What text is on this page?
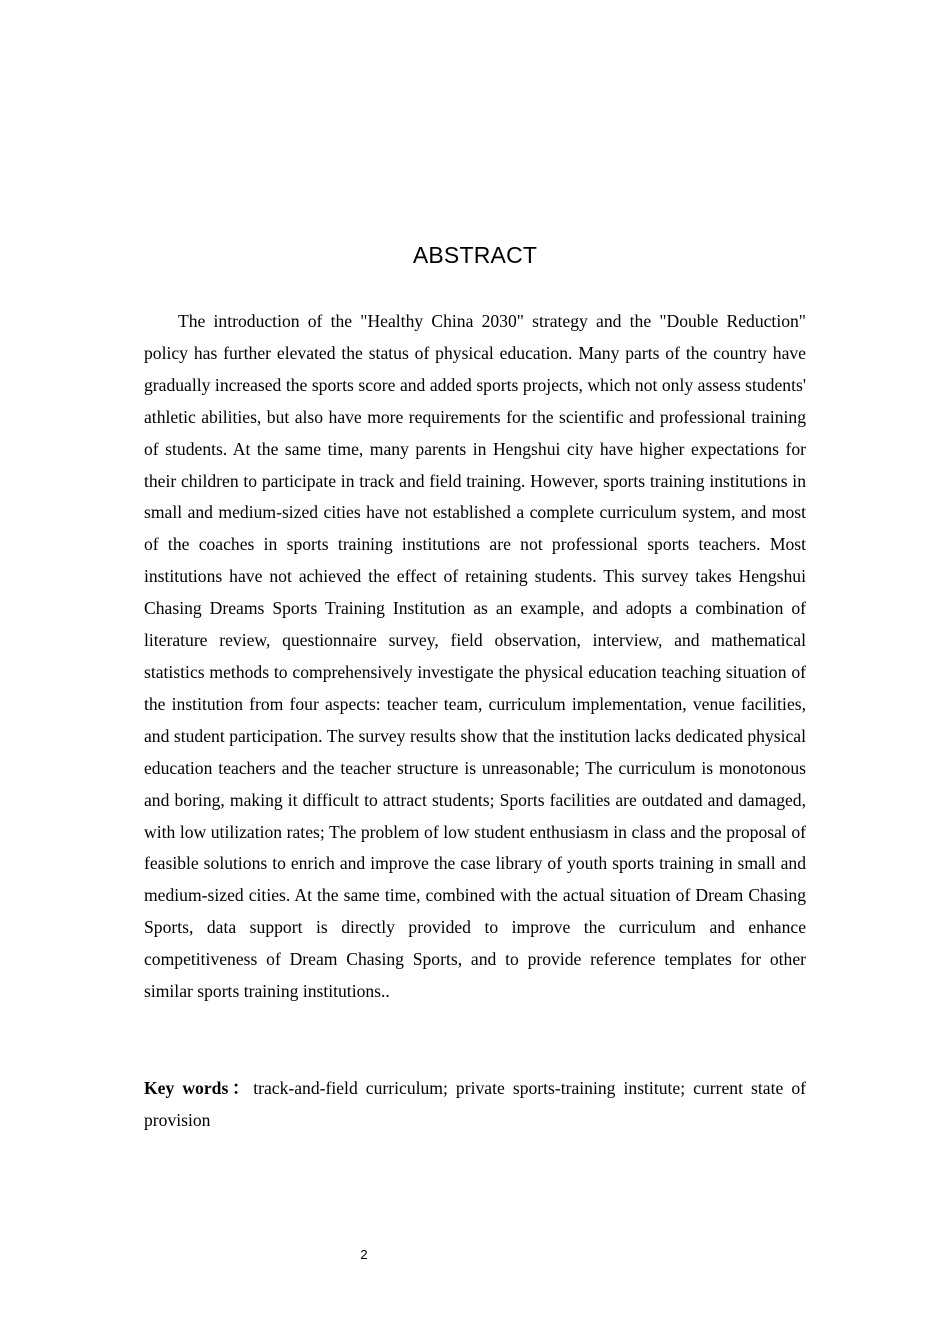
ABSTRACT

The introduction of the "Healthy China 2030" strategy and the "Double Reduction" policy has further elevated the status of physical education. Many parts of the country have gradually increased the sports score and added sports projects, which not only assess students' athletic abilities, but also have more requirements for the scientific and professional training of students. At the same time, many parents in Hengshui city have higher expectations for their children to participate in track and field training. However, sports training institutions in small and medium-sized cities have not established a complete curriculum system, and most of the coaches in sports training institutions are not professional sports teachers. Most institutions have not achieved the effect of retaining students. This survey takes Hengshui Chasing Dreams Sports Training Institution as an example, and adopts a combination of literature review, questionnaire survey, field observation, interview, and mathematical statistics methods to comprehensively investigate the physical education teaching situation of the institution from four aspects: teacher team, curriculum implementation, venue facilities, and student participation. The survey results show that the institution lacks dedicated physical education teachers and the teacher structure is unreasonable; The curriculum is monotonous and boring, making it difficult to attract students; Sports facilities are outdated and damaged, with low utilization rates; The problem of low student enthusiasm in class and the proposal of feasible solutions to enrich and improve the case library of youth sports training in small and medium-sized cities. At the same time, combined with the actual situation of Dream Chasing Sports, data support is directly provided to improve the curriculum and enhance competitiveness of Dream Chasing Sports, and to provide reference templates for other similar sports training institutions..

Key words：track-and-field curriculum; private sports-training institute; current state of provision

2
